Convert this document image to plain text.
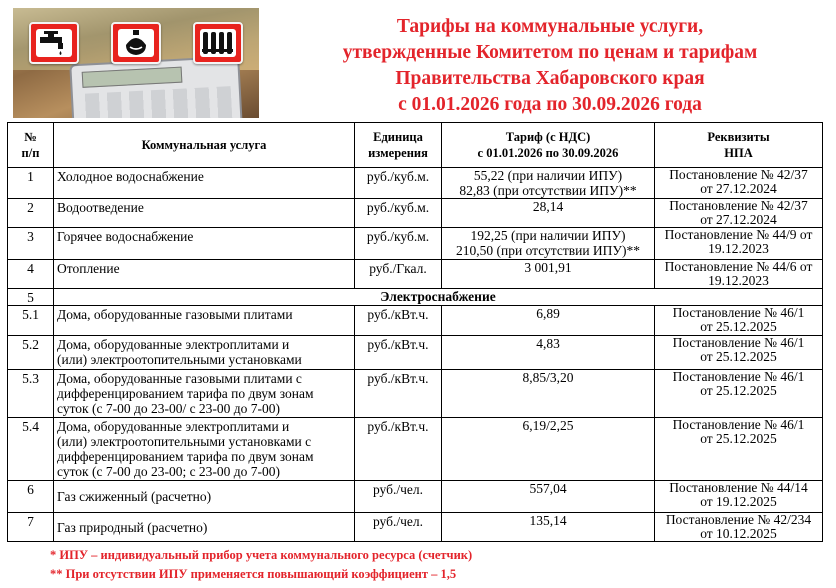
Тарифы на коммунальные услуги,
утвержденные Комитетом по ценам и тарифам
Правительства Хабаровского края
с 01.01.2026 года по 30.09.2026 года
№
п/п	Коммунальная услуга	Единица
измерения	Тариф (с НДС)
с 01.01.2026 по 30.09.2026	Реквизиты
НПА

1	Холодное водоснабжение	руб./куб.м.	55,22 (при наличии ИПУ)
82,83 (при отсутствии ИПУ)**	Постановление № 42/37
от 27.12.2024

2	Водоотведение	руб./куб.м.	28,14	Постановление № 42/37
от 27.12.2024

3	Горячее водоснабжение	руб./куб.м.	192,25 (при наличии ИПУ)
210,50 (при отсутствии ИПУ)**	Постановление № 44/9 от
19.12.2023

4	Отопление	руб./Гкал.	3 001,91	Постановление № 44/6 от
19.12.2023

5	Электроснабжение			
5.1	Дома, оборудованные газовыми плитами	руб./кВт.ч.	6,89	Постановление № 46/1
от 25.12.2025

5.2	Дома, оборудованные электроплитами и
(или) электроотопительными установками	руб./кВт.ч.	4,83	Постановление № 46/1
от 25.12.2025

5.3	Дома, оборудованные газовыми плитами с
дифференцированием тарифа по двум зонам
суток (с 7-00 до 23-00/ с 23-00 до 7-00)	руб./кВт.ч.	8,85/3,20	Постановление № 46/1
от 25.12.2025

5.4	Дома, оборудованные электроплитами и
(или) электроотопительными установками с
дифференцированием тарифа по двум зонам
суток (с 7-00 до 23-00; с 23-00 до 7-00)	руб./кВт.ч.	6,19/2,25	Постановление № 46/1
от 25.12.2025

6	Газ сжиженный (расчетно)	руб./чел.	557,04	Постановление № 44/14
от 19.12.2025

7	Газ природный (расчетно)	руб./чел.	135,14	Постановление № 42/234
от 10.12.2025
* ИПУ – индивидуальный прибор учета коммунального ресурса (счетчик)
** При отсутствии ИПУ применяется повышающий коэффициент – 1,5
